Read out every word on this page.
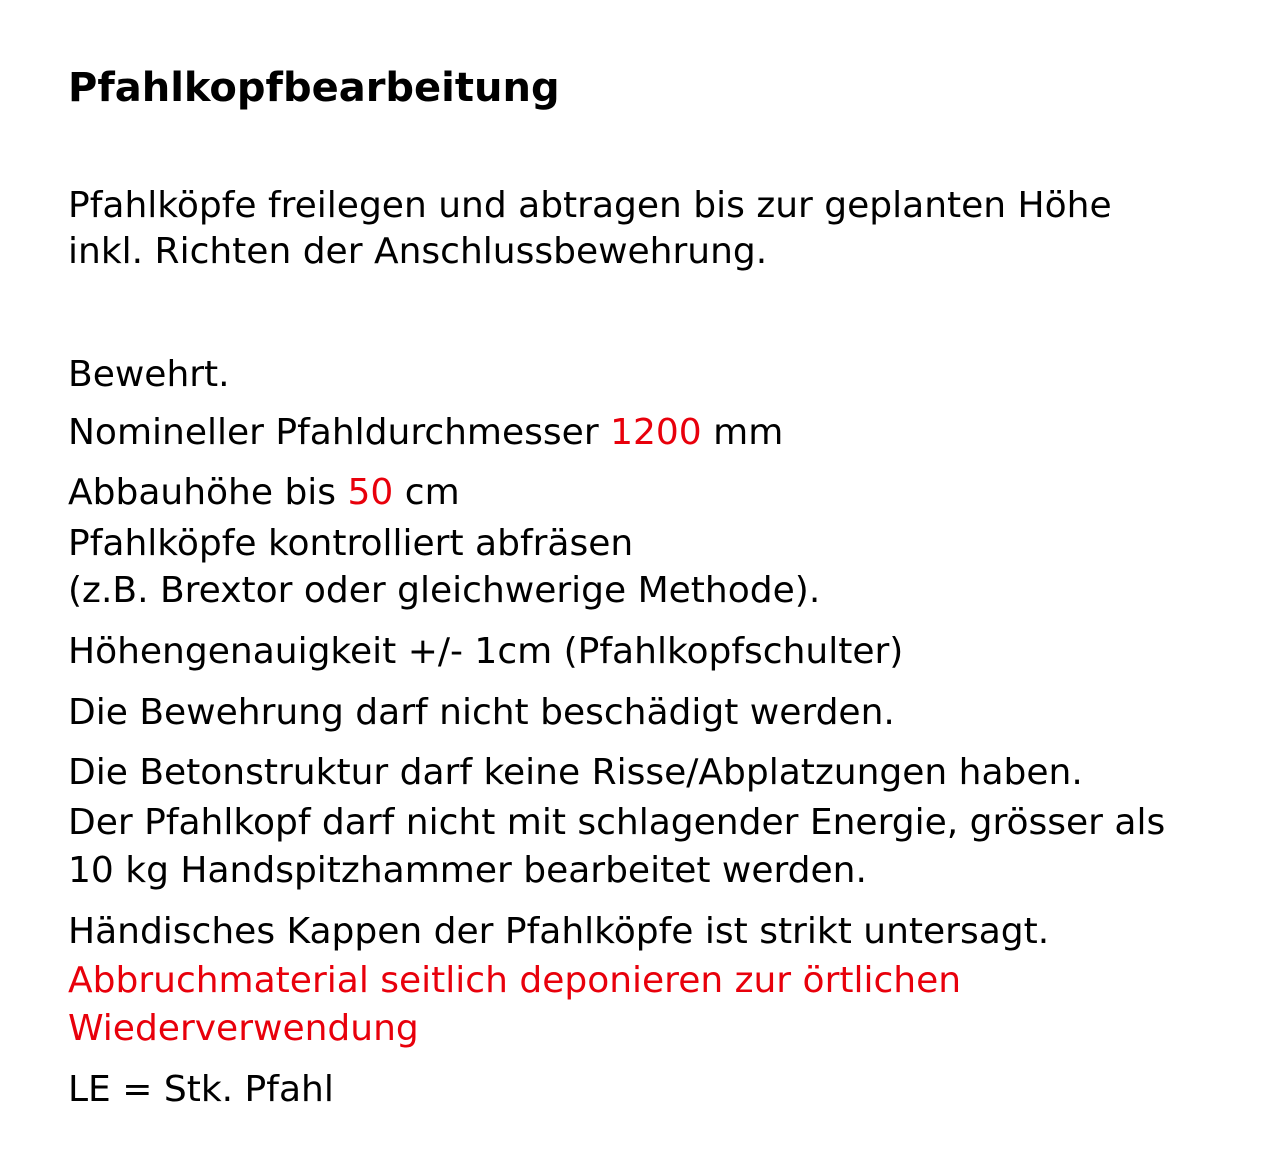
Pfahlkopfbearbeitung
Pfahlköpfe freilegen und abtragen bis zur geplanten Höhe
inkl. Richten der Anschlussbewehrung.
Bewehrt.
Nomineller Pfahldurchmesser 1200 mm
Abbauhöhe bis 50 cm
Pfahlköpfe kontrolliert abfräsen
(z.B. Brextor oder gleichwerige Methode).
Höhengenauigkeit +/- 1cm (Pfahlkopfschulter)
Die Bewehrung darf nicht beschädigt werden.
Die Betonstruktur darf keine Risse/Abplatzungen haben.
Der Pfahlkopf darf nicht mit schlagender Energie, grösser als
10 kg Handspitzhammer bearbeitet werden.
Händisches Kappen der Pfahlköpfe ist strikt untersagt.
Abbruchmaterial seitlich deponieren zur örtlichen
Wiederverwendung
LE = Stk. Pfahl
